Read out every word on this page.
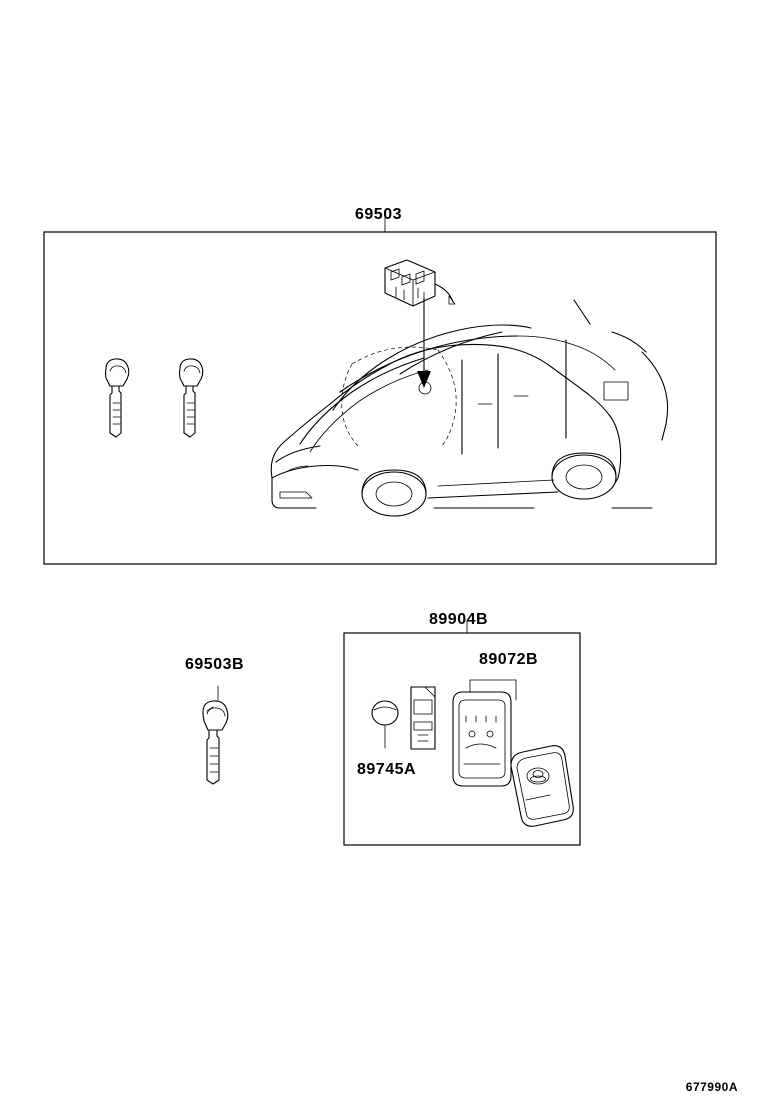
69503
69503B
89904B
89072B
89745A
677990A
